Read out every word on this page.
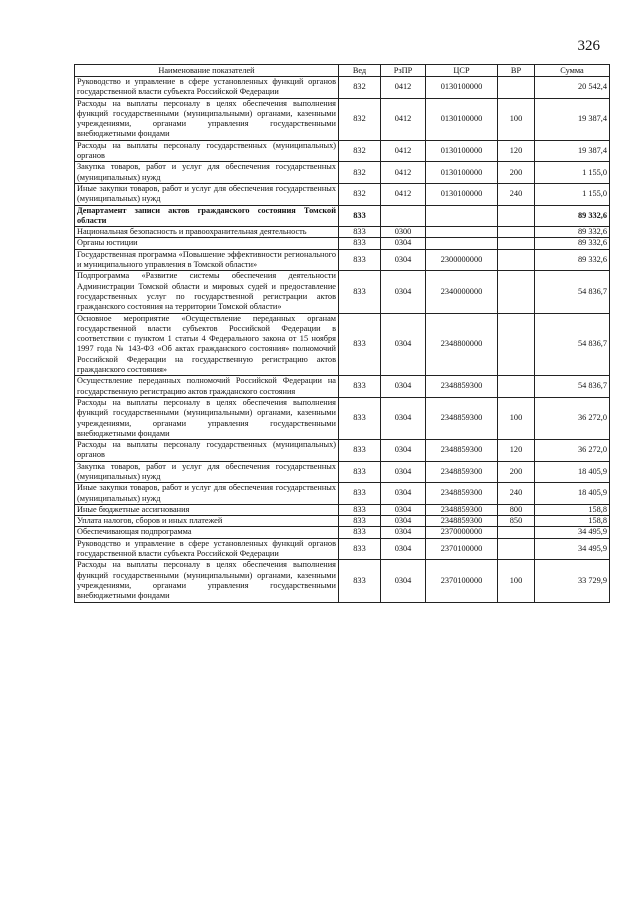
326
Наименование показателей	Вед	РзПР	ЦСР	ВР	Сумма
Руководство и управление в сфере установленных функций органов государственной власти субъекта Российской Федерации	832	0412	0130100000		20 542,4
Расходы на выплаты персоналу в целях обеспечения выполнения функций государственными (муниципальными) органами, казенными учреждениями, органами управления государственными внебюджетными фондами	832	0412	0130100000	100	19 387,4
Расходы на выплаты персоналу государственных (муниципальных) органов	832	0412	0130100000	120	19 387,4
Закупка товаров, работ и услуг для обеспечения государственных (муниципальных) нужд	832	0412	0130100000	200	1 155,0
Иные закупки товаров, работ и услуг для обеспечения государственных (муниципальных) нужд	832	0412	0130100000	240	1 155,0
Департамент записи актов гражданского состояния Томской области	833				89 332,6
Национальная безопасность и правоохранительная деятельность	833	0300			89 332,6
Органы юстиции	833	0304			89 332,6
Государственная программа «Повышение эффективности регионального и муниципального управления в Томской области»	833	0304	2300000000		89 332,6
Подпрограмма «Развитие системы обеспечения деятельности Администрации Томской области и мировых судей и предоставление государственных услуг по государственной регистрации актов гражданского состояния на территории Томской области»	833	0304	2340000000		54 836,7
Основное мероприятие «Осуществление переданных органам государственной власти субъектов Российской Федерации в соответствии с пунктом 1 статьи 4 Федерального закона от 15 ноября 1997 года № 143-ФЗ «Об актах гражданского состояния» полномочий Российской Федерации на государственную регистрацию актов гражданского состояния»	833	0304	2348800000		54 836,7
Осуществление переданных полномочий Российской Федерации на государственную регистрацию актов гражданского состояния	833	0304	2348859300		54 836,7
Расходы на выплаты персоналу в целях обеспечения выполнения функций государственными (муниципальными) органами, казенными учреждениями, органами управления государственными внебюджетными фондами	833	0304	2348859300	100	36 272,0
Расходы на выплаты персоналу государственных (муниципальных) органов	833	0304	2348859300	120	36 272,0
Закупка товаров, работ и услуг для обеспечения государственных (муниципальных) нужд	833	0304	2348859300	200	18 405,9
Иные закупки товаров, работ и услуг для обеспечения государственных (муниципальных) нужд	833	0304	2348859300	240	18 405,9
Иные бюджетные ассигнования	833	0304	2348859300	800	158,8
Уплата налогов, сборов и иных платежей	833	0304	2348859300	850	158,8
Обеспечивающая подпрограмма	833	0304	2370000000		34 495,9
Руководство и управление в сфере установленных функций органов государственной власти субъекта Российской Федерации	833	0304	2370100000		34 495,9
Расходы на выплаты персоналу в целях обеспечения выполнения функций государственными (муниципальными) органами, казенными учреждениями, органами управления государственными внебюджетными фондами	833	0304	2370100000	100	33 729,9
